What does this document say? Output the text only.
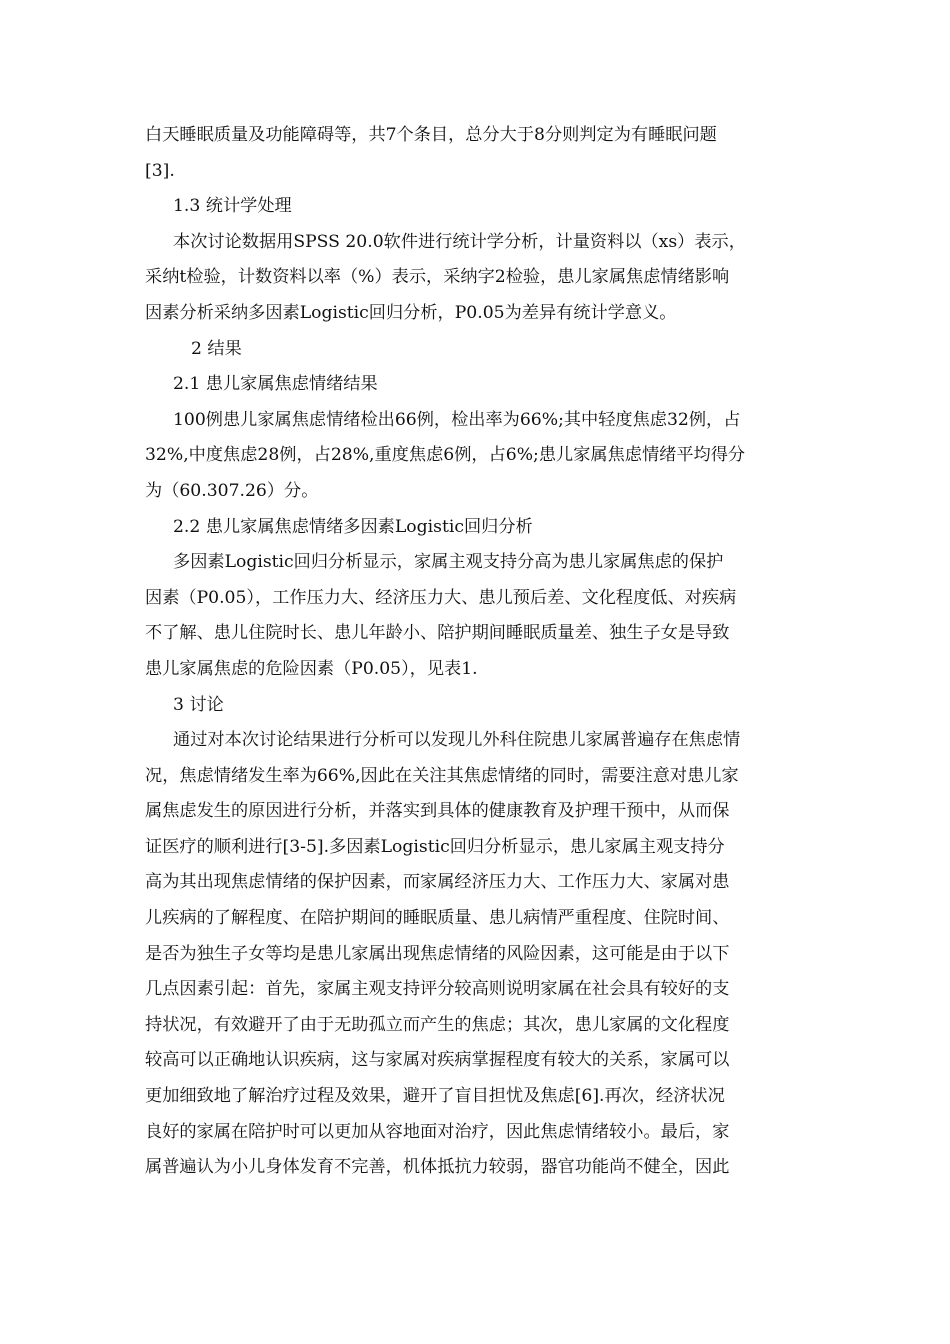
白天睡眠质量及功能障碍等，共7个条目，总分大于8分则判定为有睡眠问题
[3].
1.3 统计学处理
本次讨论数据用SPSS 20.0软件进行统计学分析，计量资料以（xs）表示，
采纳t检验，计数资料以率（%）表示，采纳字2检验，患儿家属焦虑情绪影响
因素分析采纳多因素Logistic回归分析，P0.05为差异有统计学意义。
2 结果
2.1 患儿家属焦虑情绪结果
100例患儿家属焦虑情绪检出66例，检出率为66%;其中轻度焦虑32例，占
32%,中度焦虑28例，占28%,重度焦虑6例，占6%;患儿家属焦虑情绪平均得分
为（60.307.26）分。
2.2 患儿家属焦虑情绪多因素Logistic回归分析
多因素Logistic回归分析显示，家属主观支持分高为患儿家属焦虑的保护
因素（P0.05），工作压力大、经济压力大、患儿预后差、文化程度低、对疾病
不了解、患儿住院时长、患儿年龄小、陪护期间睡眠质量差、独生子女是导致
患儿家属焦虑的危险因素（P0.05），见表1.
3 讨论
通过对本次讨论结果进行分析可以发现儿外科住院患儿家属普遍存在焦虑情
况，焦虑情绪发生率为66%,因此在关注其焦虑情绪的同时，需要注意对患儿家
属焦虑发生的原因进行分析，并落实到具体的健康教育及护理干预中，从而保
证医疗的顺利进行[3-5].多因素Logistic回归分析显示，患儿家属主观支持分
高为其出现焦虑情绪的保护因素，而家属经济压力大、工作压力大、家属对患
儿疾病的了解程度、在陪护期间的睡眠质量、患儿病情严重程度、住院时间、
是否为独生子女等均是患儿家属出现焦虑情绪的风险因素，这可能是由于以下
几点因素引起：首先，家属主观支持评分较高则说明家属在社会具有较好的支
持状况，有效避开了由于无助孤立而产生的焦虑；其次，患儿家属的文化程度
较高可以正确地认识疾病，这与家属对疾病掌握程度有较大的关系，家属可以
更加细致地了解治疗过程及效果，避开了盲目担忧及焦虑[6].再次，经济状况
良好的家属在陪护时可以更加从容地面对治疗，因此焦虑情绪较小。最后，家
属普遍认为小儿身体发育不完善，机体抵抗力较弱，器官功能尚不健全，因此
